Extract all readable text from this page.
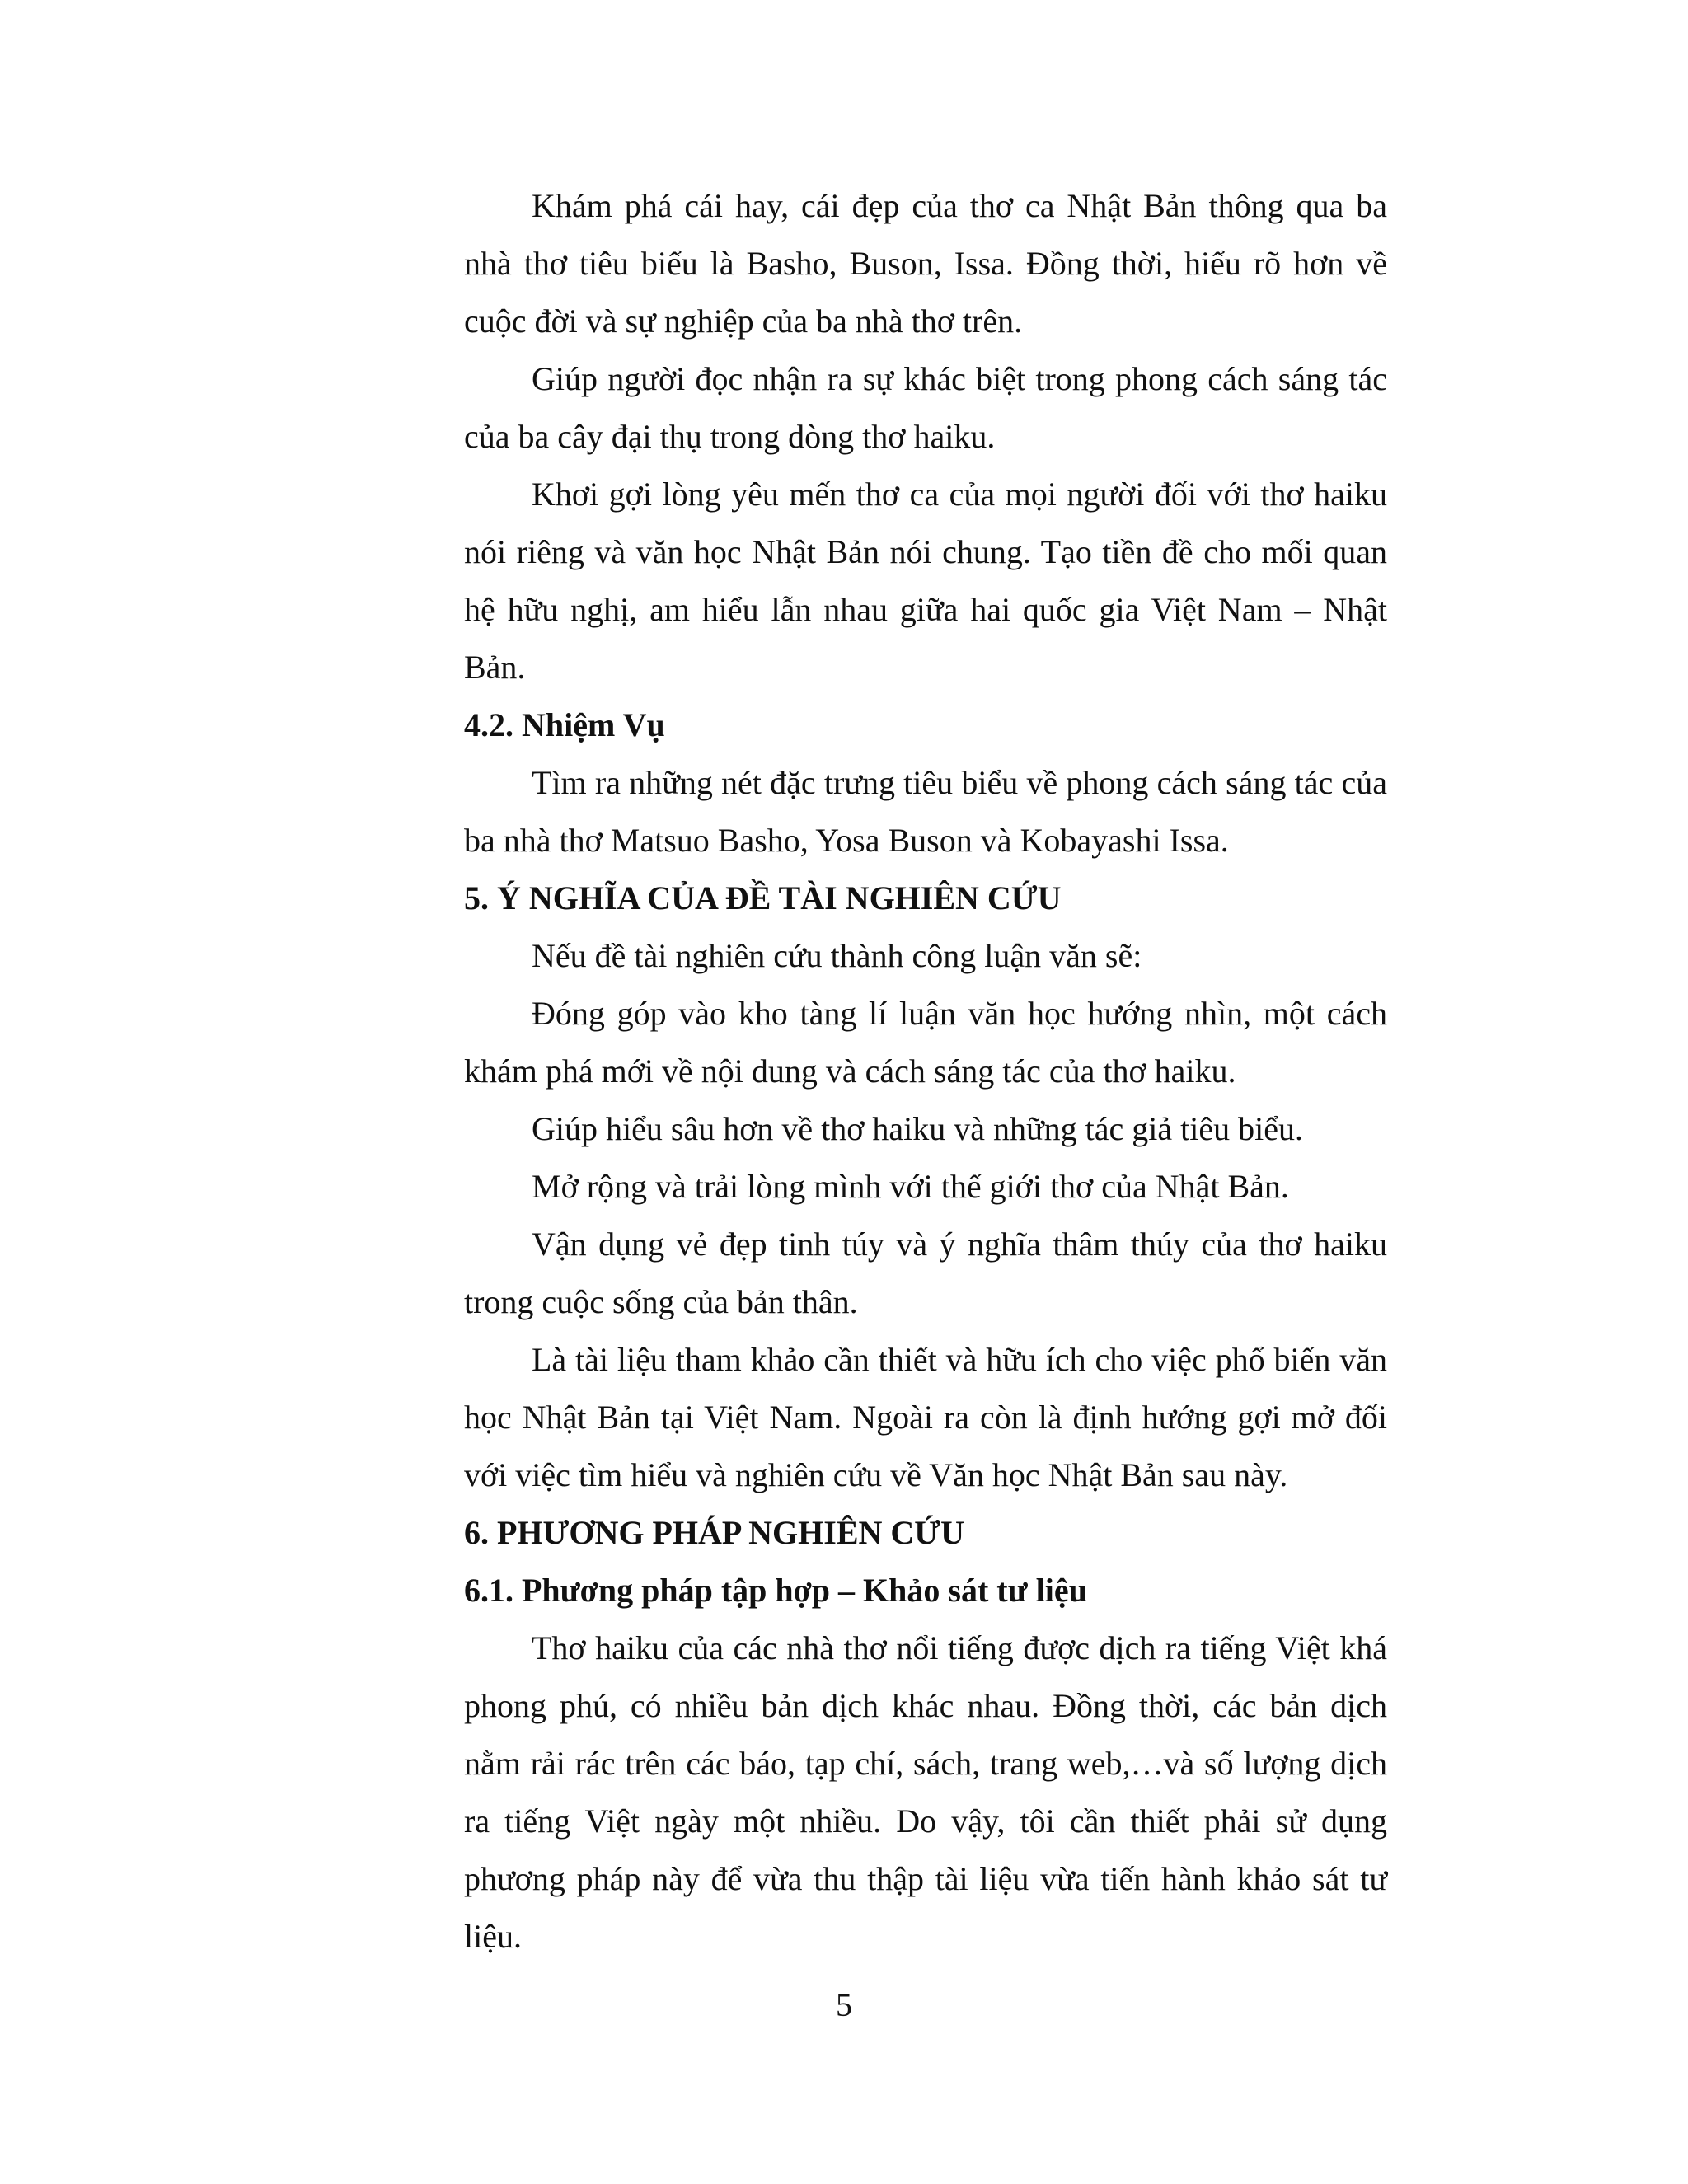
Khám phá cái hay, cái đẹp của thơ ca Nhật Bản thông qua ba nhà thơ tiêu biểu là Basho, Buson, Issa. Đồng thời, hiểu rõ hơn về cuộc đời và sự nghiệp của ba nhà thơ trên.

Giúp người đọc nhận ra sự khác biệt trong phong cách sáng tác của ba cây đại thụ trong dòng thơ haiku.

Khơi gợi lòng yêu mến thơ ca của mọi người đối với thơ haiku nói riêng và văn học Nhật Bản nói chung. Tạo tiền đề cho mối quan hệ hữu nghị, am hiểu lẫn nhau giữa hai quốc gia Việt Nam – Nhật Bản.

4.2. Nhiệm Vụ

Tìm ra những nét đặc trưng tiêu biểu về phong cách sáng tác của ba nhà thơ Matsuo Basho, Yosa Buson và Kobayashi Issa.

5. Ý NGHĨA CỦA ĐỀ TÀI NGHIÊN CỨU

Nếu đề tài nghiên cứu thành công luận văn sẽ:

Đóng góp vào kho tàng lí luận văn học hướng nhìn, một cách khám phá mới về nội dung và cách sáng tác của thơ haiku.

Giúp hiểu sâu hơn về thơ haiku và những tác giả tiêu biểu.

Mở rộng và trải lòng mình với thế giới thơ của Nhật Bản.

Vận dụng vẻ đẹp tinh túy và ý nghĩa thâm thúy của thơ haiku trong cuộc sống của bản thân.

Là tài liệu tham khảo cần thiết và hữu ích cho việc phổ biến văn học Nhật Bản tại Việt Nam. Ngoài ra còn là định hướng gợi mở đối với việc tìm hiểu và nghiên cứu về Văn học Nhật Bản sau này.

6. PHƯƠNG PHÁP NGHIÊN CỨU

6.1. Phương pháp tập hợp – Khảo sát tư liệu

Thơ haiku của các nhà thơ nổi tiếng được dịch ra tiếng Việt khá phong phú, có nhiều bản dịch khác nhau. Đồng thời, các bản dịch nằm rải rác trên các báo, tạp chí, sách, trang web,…và số lượng dịch ra tiếng Việt ngày một nhiều. Do vậy, tôi cần thiết phải sử dụng phương pháp này để vừa thu thập tài liệu vừa tiến hành khảo sát tư liệu.

5
